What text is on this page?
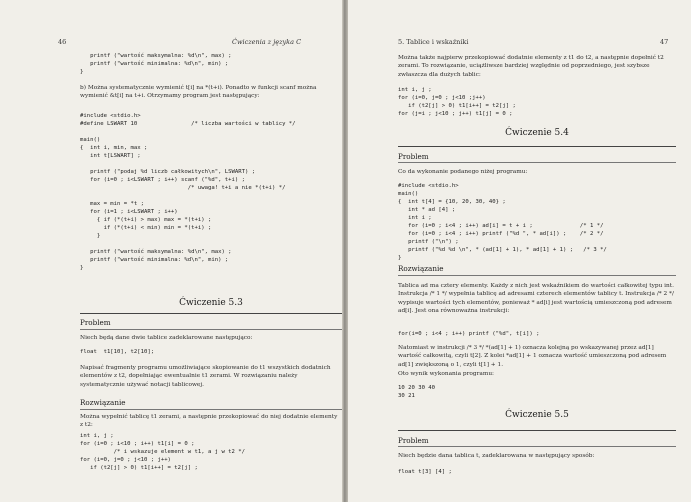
46	Ćwiczenia z języka C
printf ("wartość maksymalna: %d\n", max) ;
printf ("wartość minimalna: %d\n", min) ;
}

b) Można systematycznie wymienić t[i] na *(t+i). Ponadto w funkcji scanf można wymienić &t[i] na t+i. Otrzymamy program jest następujący:

#include <stdio.h>
#define LSWART 10                /* liczba wartości w tablicy */

main()
{  int i, min, max ;
int t[LSWART] ;

printf ("podaj %d liczb całkowitych\n", LSWART) ;
for (i=0 ; i<LSWART ; i++) scanf ("%d", t+i) ;
/* uwaga! t+i a nie *(t+i) */

max = min = *t ;
for (i=1 ; i<LSWART ; i++)
{ if (*(t+i) > max) max = *(t+i) ;
if (*(t+i) < min) min = *(t+i) ;
}

printf ("wartość maksymalna: %d\n", max) ;
printf ("wartość minimalna: %d\n", min) ;
}
Ćwiczenie 5.3
Problem

Niech będą dane dwie tablice zadeklarowane następująco:

float  t1[10], t2[10];

Napisać fragmenty programu umożliwiające skopiowanie do t1 wszystkich dodatnich elementów z t2, dopełniając ewentualnie t1 zerami. W rozwiązaniu należy systematycznie używać notacji tablicowej.

Rozwiązanie

Można wypełnić tablicę t1 zerami, a następnie przekopiować do niej dodatnie elementy z t2:

int i, j ;
for (i=0 ; i<10 ; i++) t1[i] = 0 ;
/* i wskazuje element w t1, a j w t2 */
for (i=0, j=0 ; j<10 ; j++)
if (t2[j] > 0) t1[i++] = t2[j] ;
5. Tablice i wskaźniki	47

Można także najpierw przekopiować dodatnie elementy z t1 do t2, a następnie dopełnić t2 zerami. To rozwiązanie, uciążliwsze bardziej względnie od poprzedniego, jest szybsze zwłaszcza dla dużych tablic:

int i, j ;
for (i=0, j=0 ; j<10 ;j++)
if (t2[j] > 0) t1[i++] = t2[j] ;
for (j=i ; j<10 ; j++) t1[j] = 0 ;
Ćwiczenie 5.4
Problem

Co da wykonanie podanego niżej programu:

#include <stdio.h>
main()
{  int t[4] = {10, 20, 30, 40} ;
int * ad [4] ;
int i ;
for (i=0 ; i<4 ; i++) ad[i] = t + i ;              /* 1 */
for (i=0 ; i<4 ; i++) printf ("%d ", * ad[i]) ;    /* 2 */
printf ("\n") ;
printf ("%d %d \n", * (ad[1] + 1), * ad[1] + 1) ;   /* 3 */
}
Rozwiązanie

Tablica ad ma cztery elementy. Każdy z nich jest wskaźnikiem do wartości całkowitej typu int. Instrukcja /* 1 */ wypełnia tablicę ad adresami czterech elementów tablicy t. Instrukcja /* 2 */ wypisuje wartości tych elementów, ponieważ * ad[i] jest wartością umieszczoną pod adresem ad[i]. Jest ona równoważna instrukcji:

for(i=0 ; i<4 ; i++) printf ("%d", t[i]) ;

Natomiast w instrukcji /* 3 */ *(ad[1] + 1) oznacza kolejną po wskazywanej przez ad[1] wartość całkowitą, czyli t[2]. Z kolei *ad[1] + 1 oznacza wartość umieszczoną pod adresem ad[1] zwiększoną o 1, czyli t[1] + 1.

Oto wynik wykonania programu:

10 20 30 40
30 21
Ćwiczenie 5.5
Problem

Niech będzie dana tablica t, zadeklarowana w następujący sposób:

float t[3] [4] ;
